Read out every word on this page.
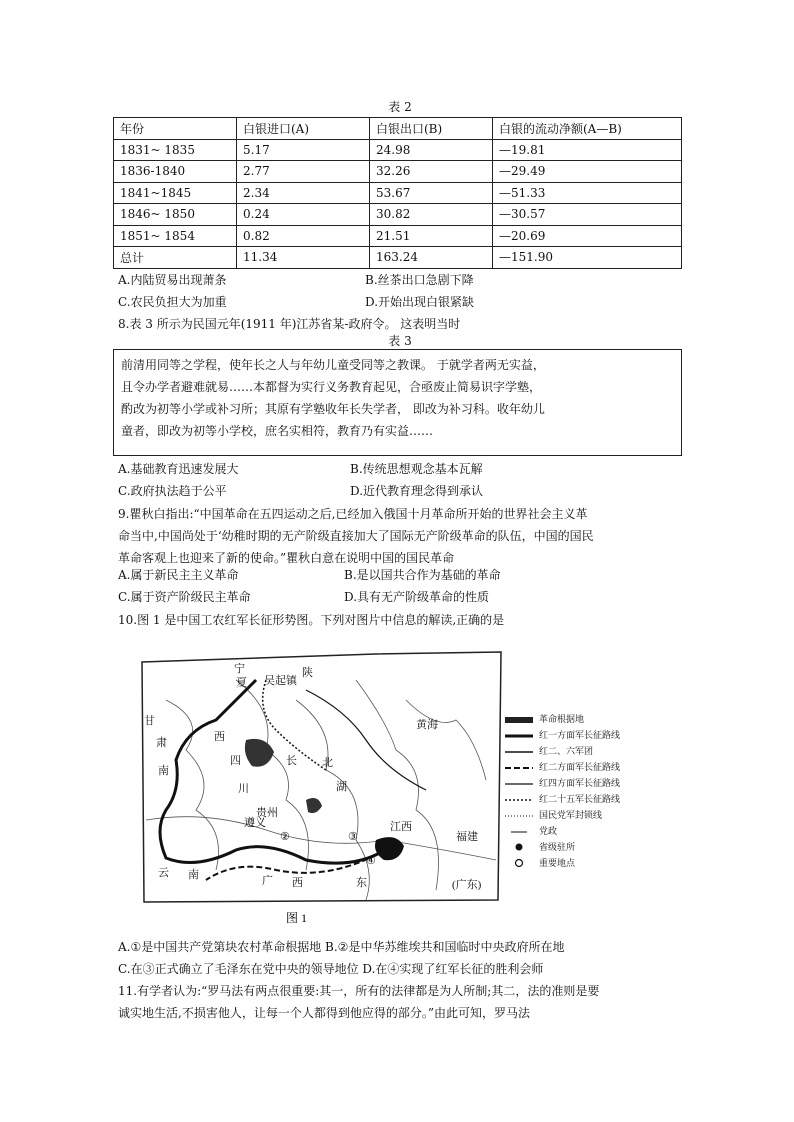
表 2
年份	白银进口(A)	白银出口(B)	白银的流动净额(A—B)
1831~ 1835	5.17	24.98	—19.81
1836-1840	2.77	32.26	—29.49
1841~1845	2.34	53.67	—51.33
1846~ 1850	0.24	30.82	—30.57
1851~ 1854	0.82	21.51	—20.69
总计	11.34	163.24	—151.90
A.内陆贸易出现萧条	B.丝茶出口急剧下降
C.农民负担大为加重	D.开始出现白银紧缺
8.表 3 所示为民国元年(1911 年)江苏省某-政府令。 这表明当时
表 3
前清用同等之学程，使年长之人与年幼儿童受同等之教课。 于就学者两无实益，
且令办学者避难就易……本都督为实行义务教育起见，合亟废止简易识字学塾，
酌改为初等小学或补习所；其原有学塾收年长失学者， 即改为补习科。收年幼儿
童者，即改为初等小学校，庶名实相符，教育乃有实益……
A.基础教育迅速发展大	B.传统思想观念基本瓦解
C.政府执法趋于公平	D.近代教育理念得到承认
9.瞿秋白指出:“中国革命在五四运动之后,已经加入俄国十月革命所开始的世界社会主义革
命当中,中国尚处于‘幼稚时期的无产阶级直接加大了国际无产阶级革命的队伍，中国的国民
革命客观上也迎来了新的使命。”瞿秋白意在说明中国的国民革命
A.属于新民主主义革命	B.是以国共合作为基础的革命
C.属于资产阶级民主革命	D.具有无产阶级革命的性质
10.图 1 是中国工农红军长征形势图。下列对图片中信息的解读,正确的是
宁
夏 吴起镇
陕
甘
肃	西
南
四
川
长
贵州
湖
北
黄海
江西
福建
广 西	东
云 南
(广东)
遵义
②	③
④
图 1
革命根据地
红一方面军长征路线
红二、六军团
红二方面军长征路线
红四方面军长征路线
红二十五军长征路线
国民党军封锁线
党政
省级驻所
重要地点
A.①是中国共产党第块农村革命根据地 B.②是中华苏维埃共和国临时中央政府所在地
C.在③正式确立了毛泽东在党中央的领导地位 D.在④实现了红军长征的胜利会师
11.有学者认为:“罗马法有两点很重要:其一，所有的法律都是为人所制;其二，法的准则是要
诚实地生活,不损害他人，让每一个人都得到他应得的部分。”由此可知，罗马法
